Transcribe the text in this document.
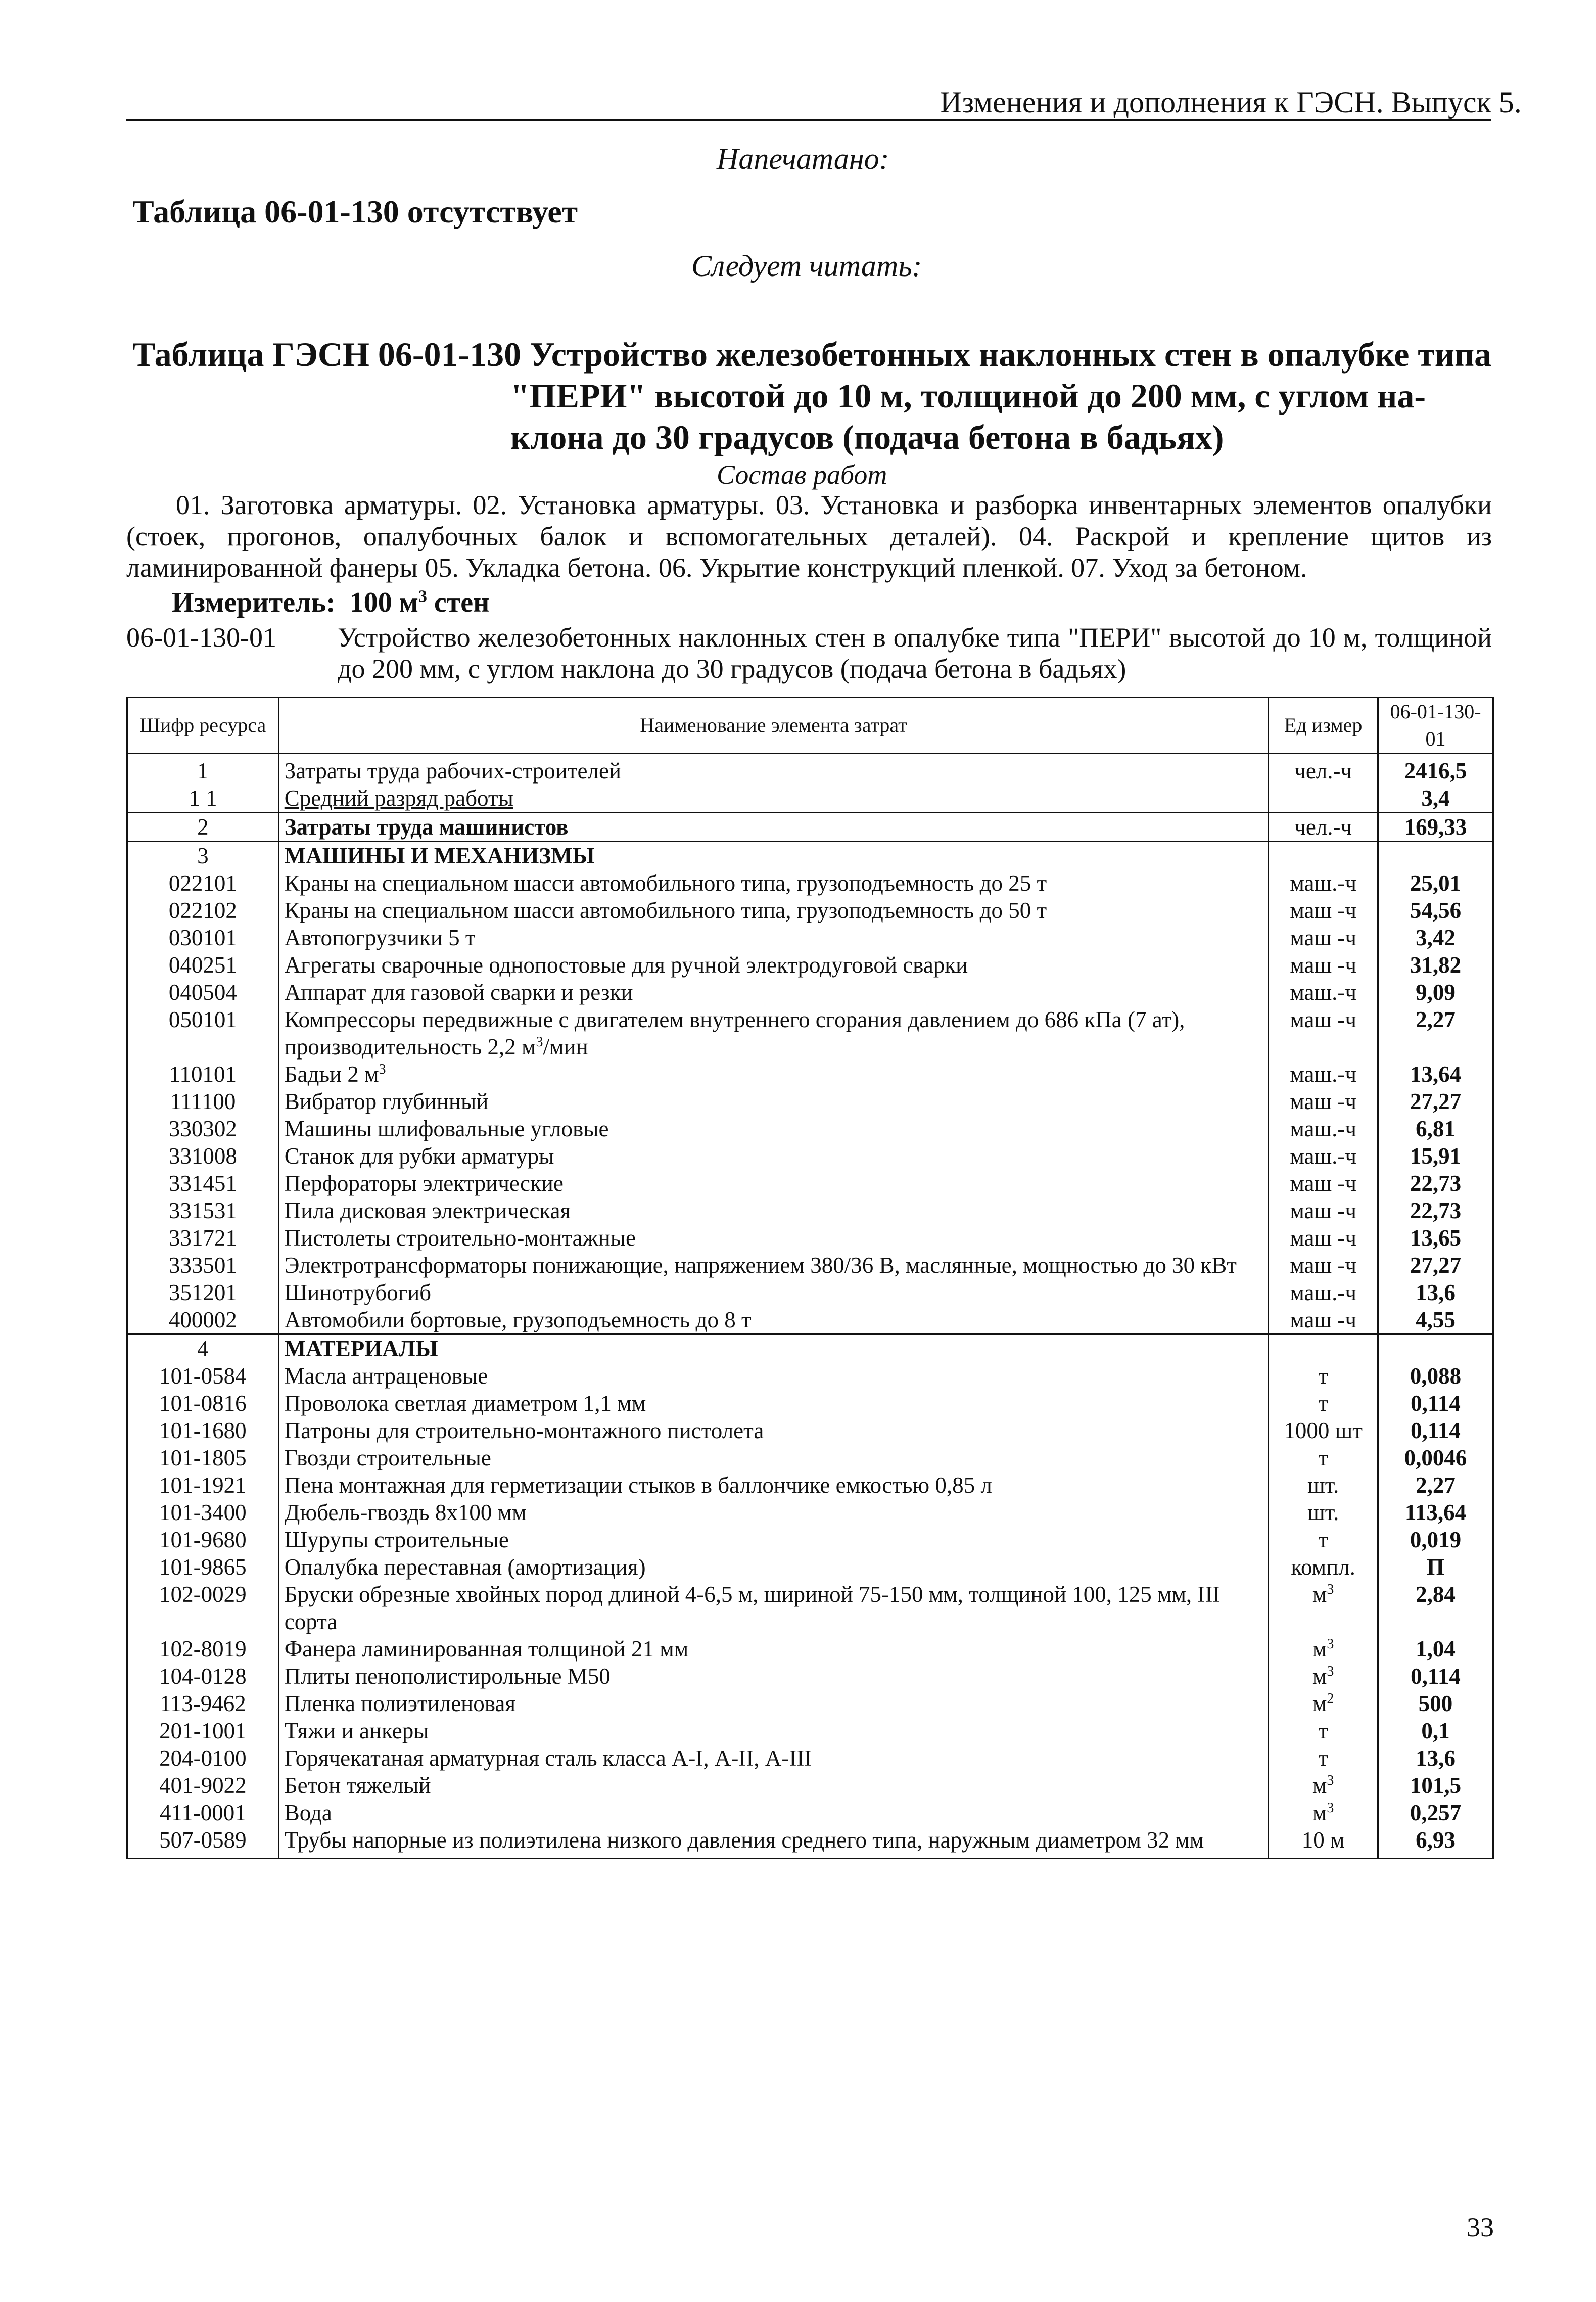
Изменения и дополнения к ГЭСН. Выпуск 5.
Напечатано:
Таблица 06-01-130 отсутствует
Следует читать:
Таблица ГЭСН 06-01-130 Устройство железобетонных наклонных стен в опалубке типа
"ПЕРИ" высотой до 10 м, толщиной до 200 мм, с углом на-
клона до 30 градусов (подача бетона в бадьях)
Состав работ
01. Заготовка арматуры. 02. Установка арматуры. 03. Установка и разборка инвентарных элементов опалубки (стоек, прогонов, опалубочных балок и вспомогательных деталей). 04. Раскрой и крепление щитов из ламинированной фанеры 05. Укладка бетона. 06. Укрытие конструкций пленкой. 07. Уход за бетоном.
Измеритель: 100 $м^3$ стен
06-01-130-01 Устройство железобетонных наклонных стен в опалубке типа "ПЕРИ" высотой до 10 м, толщиной до 200 мм, с углом наклона до 30 градусов (подача бетона в бадьях)
Шифр ресурса	Наименование элемента затрат	Ед измер	06-01-130-01
1	Затраты труда рабочих-строителей	чел.-ч	2416,5
1 1	Средний разряд работы		3,4
2	Затраты труда машинистов	чел.-ч	169,33
3	МАШИНЫ И МЕХАНИЗМЫ		
022101	Краны на специальном шасси автомобильного типа, грузоподъемность до 25 т	маш.-ч	25,01
022102	Краны на специальном шасси автомобильного типа, грузоподъемность до 50 т	маш -ч	54,56
030101	Автопогрузчики 5 т	маш -ч	3,42
040251	Агрегаты сварочные однопостовые для ручной электродуговой сварки	маш -ч	31,82
040504	Аппарат для газовой сварки и резки	маш.-ч	9,09
050101	Компрессоры передвижные с двигателем внутреннего сгорания давлением до 686 кПа (7 ат), производительность 2,2 $м^3$/мин	маш -ч	2,27
110101	Бадьи 2 $м^3$	маш.-ч	13,64
111100	Вибратор глубинный	маш -ч	27,27
330302	Машины шлифовальные угловые	маш.-ч	6,81
331008	Станок для рубки арматуры	маш.-ч	15,91
331451	Перфораторы электрические	маш -ч	22,73
331531	Пила дисковая электрическая	маш -ч	22,73
331721	Пистолеты строительно-монтажные	маш -ч	13,65
333501	Электротрансформаторы понижающие, напряжением 380/36 В, маслянные, мощностью до 30 кВт	маш -ч	27,27
351201	Шинотрубогиб	маш.-ч	13,6
400002	Автомобили бортовые, грузоподъемность до 8 т	маш -ч	4,55
4	МАТЕРИАЛЫ		
101-0584	Масла антраценовые	т	0,088
101-0816	Проволока светлая диаметром 1,1 мм	т	0,114
101-1680	Патроны для строительно-монтажного пистолета	1000 шт	0,114
101-1805	Гвозди строительные	т	0,0046
101-1921	Пена монтажная для герметизации стыков в баллончике емкостью 0,85 л	шт.	2,27
101-3400	Дюбель-гвоздь 8х100 мм	шт.	113,64
101-9680	Шурупы строительные	т	0,019
101-9865	Опалубка переставная (амортизация)	компл.	П
102-0029	Бруски обрезные хвойных пород длиной 4-6,5 м, шириной 75-150 мм, толщиной 100, 125 мм, III сорта	$м^3$	2,84
102-8019	Фанера ламинированная толщиной 21 мм	$м^3$	1,04
104-0128	Плиты пенополистирольные М50	$м^3$	0,114
113-9462	Пленка полиэтиленовая	$м^2$	500
201-1001	Тяжи и анкеры	т	0,1
204-0100	Горячекатаная арматурная сталь класса А-I, А-II, А-III	т	13,6
401-9022	Бетон тяжелый	$м^3$	101,5
411-0001	Вода	$м^3$	0,257
507-0589	Трубы напорные из полиэтилена низкого давления среднего типа, наружным диаметром 32 мм	10 м	6,93
33
